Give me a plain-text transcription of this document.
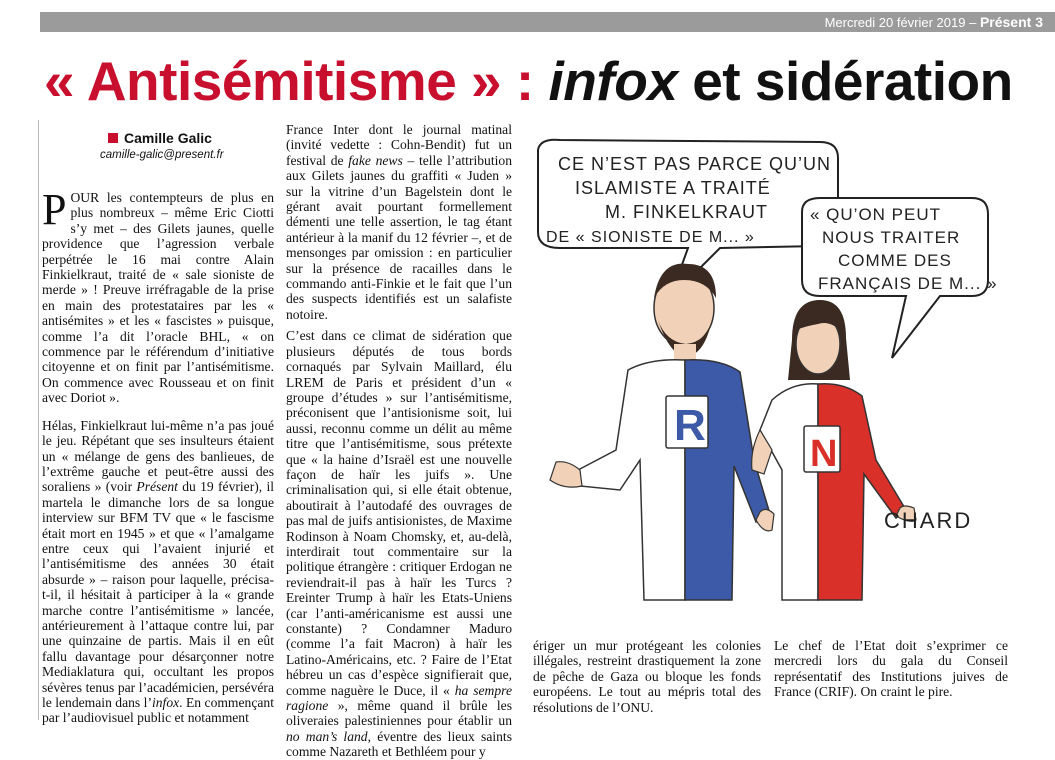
Mercredi 20 février 2019 – Présent 3
« Antisémitisme » : infox et sidération
Camille Galic
camille-galic@present.fr

POUR les contempteurs de plus en plus nombreux – même Eric Ciotti s’y met – des Gilets jaunes, quelle providence que l’agression verbale perpétrée le 16 mai contre Alain Finkielkraut, traité de « sale sioniste de merde » ! Preuve irréfragable de la prise en main des protestataires par les « antisémites » et les « fascistes » puisque, comme l’a dit l’oracle BHL, « on commence par le référendum d’initiative citoyenne et on finit par l’antisémitisme. On commence avec Rousseau et on finit avec Doriot ».

Hélas, Finkielkraut lui-même n’a pas joué le jeu. Répétant que ses insulteurs étaient un « mélange de gens des banlieues, de l’extrême gauche et peut-être aussi des soraliens » (voir Présent du 19 février), il martela le dimanche lors de sa longue interview sur BFM TV que « le fascisme était mort en 1945 » et que « l’amalgame entre ceux qui l’avaient injurié et l’antisémitisme des années 30 était absurde » – raison pour laquelle, précisa-t-il, il hésitait à participer à la « grande marche contre l’antisémitisme » lancée, antérieurement à l’attaque contre lui, par une quinzaine de partis. Mais il en eût fallu davantage pour désarçonner notre Mediaklatura qui, occultant les propos sévères tenus par l’académicien, persévéra le lendemain dans l’infox. En commençant par l’audiovisuel public et notamment

France Inter dont le journal matinal (invité vedette : Cohn-Bendit) fut un festival de fake news – telle l’attribution aux Gilets jaunes du graffiti « Juden » sur la vitrine d’un Bagelstein dont le gérant avait pourtant formellement démenti une telle assertion, le tag étant antérieur à la manif du 12 février –, et de mensonges par omission : en particulier sur la présence de racailles dans le commando anti-Finkie et le fait que l’un des suspects identifiés est un salafiste notoire.

C’est dans ce climat de sidération que plusieurs députés de tous bords cornaqués par Sylvain Maillard, élu LREM de Paris et président d’un « groupe d’études » sur l’antisémitisme, préconisent que l’antisionisme soit, lui aussi, reconnu comme un délit au même titre que l’antisémitisme, sous prétexte que « la haine d’Israël est une nouvelle façon de haïr les juifs ». Une criminalisation qui, si elle était obtenue, aboutirait à l’autodafé des ouvrages de pas mal de juifs antisionistes, de Maxime Rodinson à Noam Chomsky, et, au-delà, interdirait tout commentaire sur la politique étrangère : critiquer Erdogan ne reviendrait-il pas à haïr les Turcs ? Ereinter Trump à haïr les Etats-Uniens (car l’anti-américanisme est aussi une constante) ? Condamner Maduro (comme l’a fait Macron) à haïr les Latino-Américains, etc. ? Faire de l’Etat hébreu un cas d’espèce signifierait que, comme naguère le Duce, il « ha sempre ragione », même quand il brûle les oliveraies palestiniennes pour établir un no man’s land, éventre des lieux saints comme Nazareth et Bethléem pour y

ériger un mur protégeant les colonies illégales, restreint drastiquement la zone de pêche de Gaza ou bloque les fonds européens. Le tout au mépris total des résolutions de l’ONU.

Le chef de l’Etat doit s’exprimer ce mercredi lors du gala du Conseil représentatif des Institutions juives de France (CRIF). On craint le pire.

CE N’EST PAS PARCE QU’UN
ISLAMISTE A TRAITÉ
M. FINKELKRAUT
DE « SIONISTE DE M... »
« QU’ON PEUT
NOUS TRAITER
COMME DES
FRANÇAIS DE M... »
R
N
CHARD
